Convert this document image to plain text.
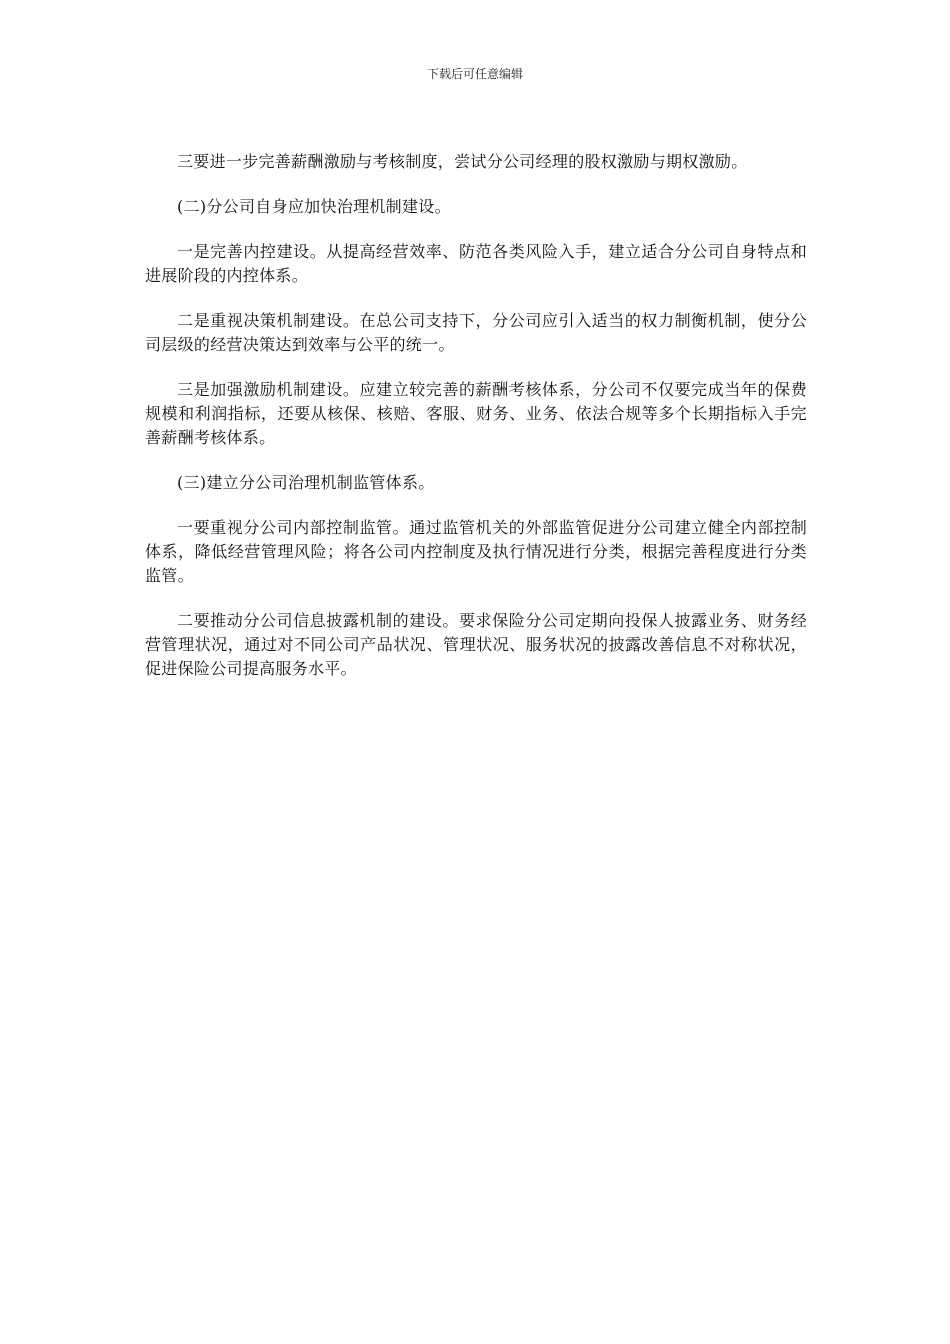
下载后可任意编辑

三要进一步完善薪酬激励与考核制度，尝试分公司经理的股权激励与期权激励。

(二)分公司自身应加快治理机制建设。

一是完善内控建设。从提高经营效率、防范各类风险入手，建立适合分公司自身特点和进展阶段的内控体系。

二是重视决策机制建设。在总公司支持下，分公司应引入适当的权力制衡机制，使分公司层级的经营决策达到效率与公平的统一。

三是加强激励机制建设。应建立较完善的薪酬考核体系，分公司不仅要完成当年的保费规模和利润指标，还要从核保、核赔、客服、财务、业务、依法合规等多个长期指标入手完善薪酬考核体系。

(三)建立分公司治理机制监管体系。

一要重视分公司内部控制监管。通过监管机关的外部监管促进分公司建立健全内部控制体系，降低经营管理风险；将各公司内控制度及执行情况进行分类，根据完善程度进行分类监管。

二要推动分公司信息披露机制的建设。要求保险分公司定期向投保人披露业务、财务经营管理状况，通过对不同公司产品状况、管理状况、服务状况的披露改善信息不对称状况，促进保险公司提高服务水平。
